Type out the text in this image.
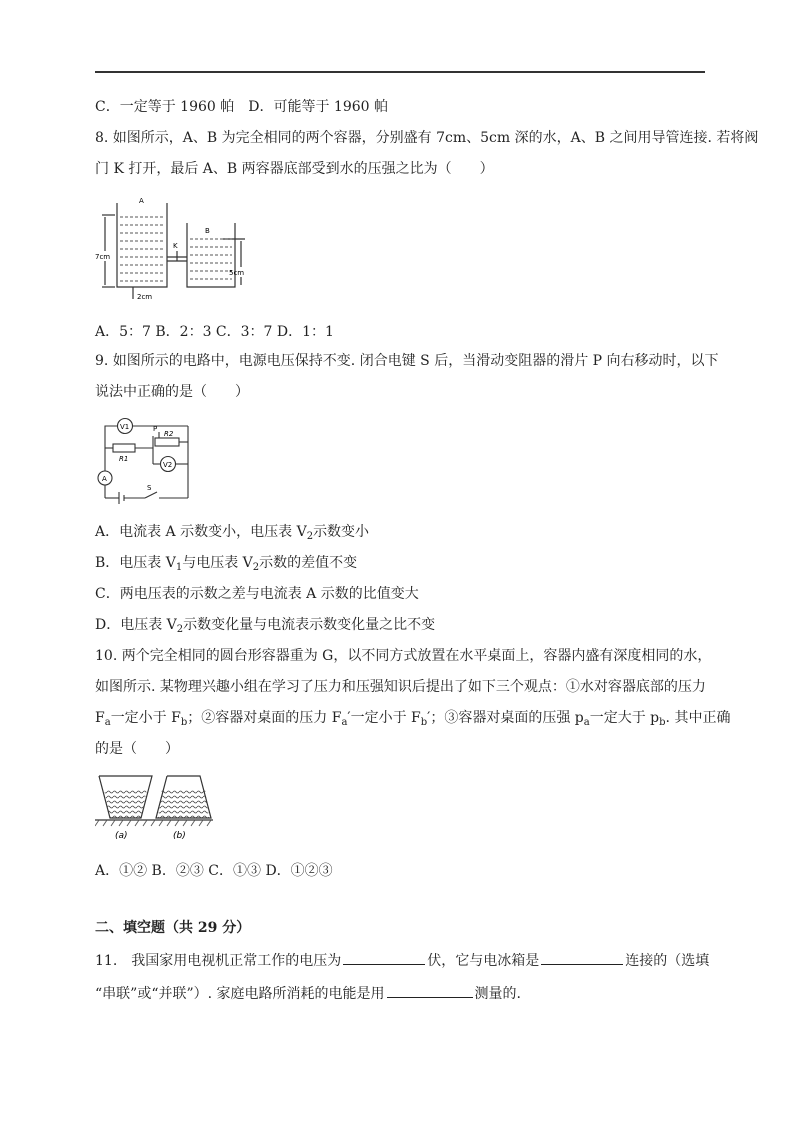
C．一定等于 1960 帕　D．可能等于 1960 帕
8. 如图所示，A、B 为完全相同的两个容器，分别盛有 7cm、5cm 深的水，A、B 之间用导管连接. 若将阀
门 K 打开，最后 A、B 两容器底部受到水的压强之比为（　　）
A
B
K
7cm
5cm
2cm
A．5：7 B．2：3 C．3：7 D．1：1
9. 如图所示的电路中，电源电压保持不变. 闭合电键 S 后，当滑动变阻器的滑片 P 向右移动时，以下
说法中正确的是（　　）
V1
V2
A
P
R2
R1
S
A．电流表 A 示数变小，电压表 $V_2$示数变小
B．电压表 $V_1$与电压表 $V_2$示数的差值不变
C．两电压表的示数之差与电流表 A 示数的比值变大
D．电压表 $V_2$示数变化量与电流表示数变化量之比不变
10. 两个完全相同的圆台形容器重为 G，以不同方式放置在水平桌面上，容器内盛有深度相同的水，
如图所示. 某物理兴趣小组在学习了压力和压强知识后提出了如下三个观点：①水对容器底部的压力
$F_a$一定小于 $F_b$；②容器对桌面的压力 $F_a'$一定小于 $F_b'$；③容器对桌面的压强 $p_a$一定大于 $p_b$. 其中正确
的是（　　）
(a)	(b)
A．①② B．②③ C．①③ D．①②③
二、填空题（共 29 分）
11.　我国家用电视机正常工作的电压为	伏，它与电冰箱是	连接的（选填
“串联”或“并联”）. 家庭电路所消耗的电能是用	测量的.
